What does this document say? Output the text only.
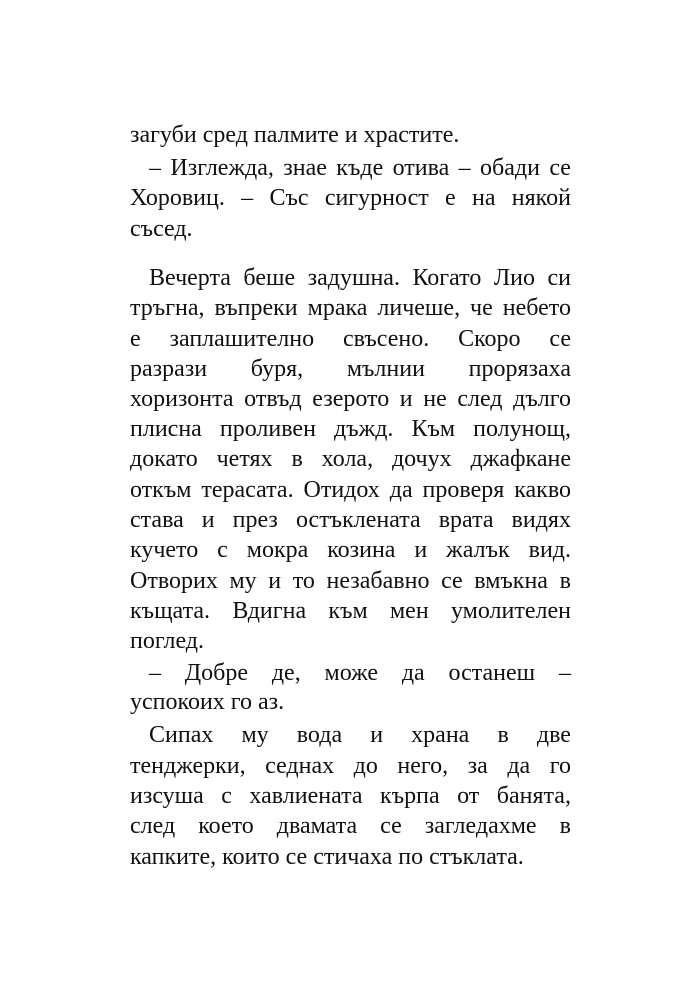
загуби сред палмите и храстите.
– Изглежда, знае къде отива – обади се
Хоровиц. – Със сигурност е на някой
съсед.
Вечерта беше задушна. Когато Лио си
тръгна, въпреки мрака личеше, че небето
е заплашително свъсено. Скоро се
разрази буря, мълнии прорязаха
хоризонта отвъд езерото и не след дълго
плисна проливен дъжд. Към полунощ,
докато четях в хола, дочух джафкане
откъм терасата. Отидох да проверя какво
става и през остъклената врата видях
кучето с мокра козина и жалък вид.
Отворих му и то незабавно се вмъкна в
къщата. Вдигна към мен умолителен
поглед.
– Добре де, може да останеш –
успокоих го аз.
Сипах му вода и храна в две
тенджерки, седнах до него, за да го
изсуша с хавлиената кърпа от банята,
след което двамата се загледахме в
капките, които се стичаха по стъклата.
